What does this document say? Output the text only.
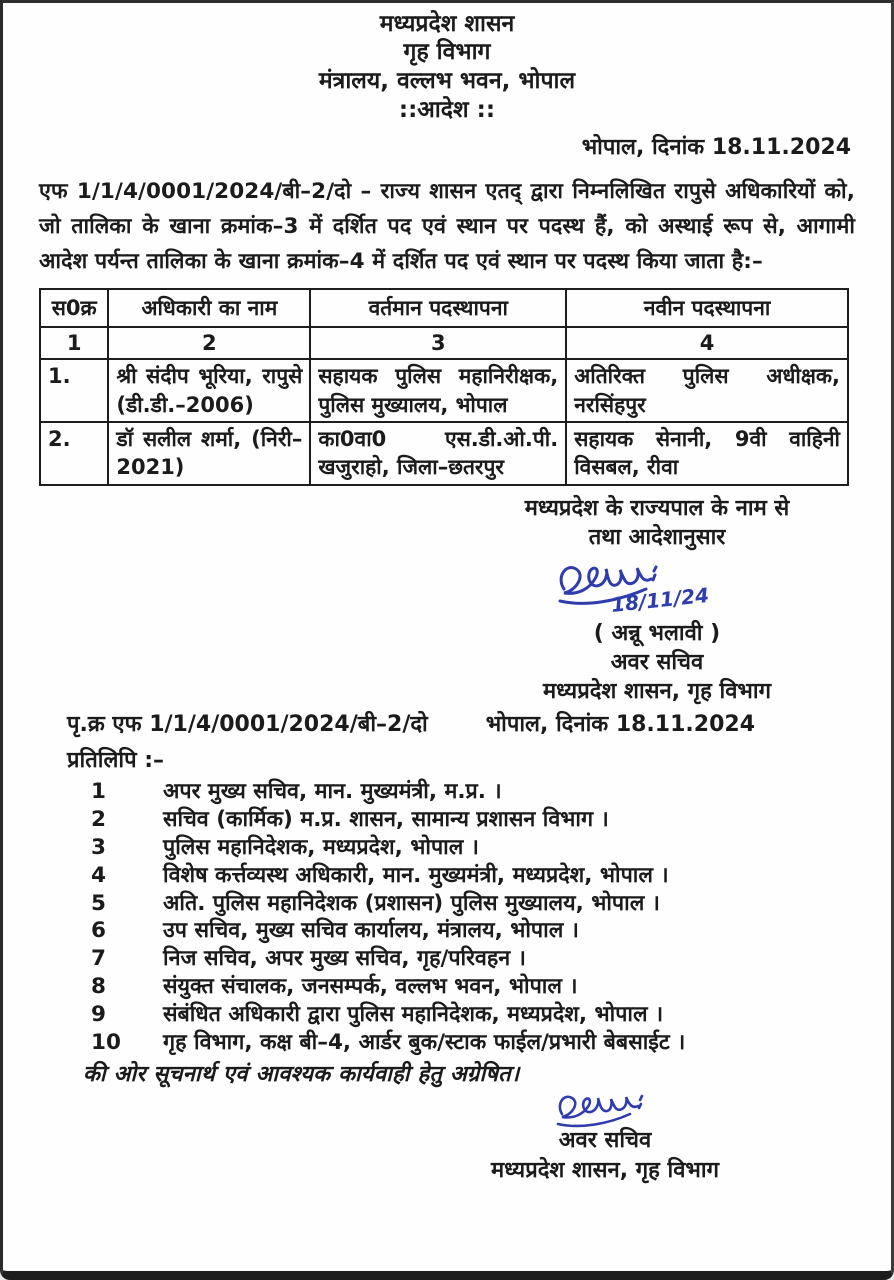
मध्यप्रदेश शासन
गृह विभाग
मंत्रालय, वल्लभ भवन, भोपाल
::आदेश ::
भोपाल, दिनांक 18.11.2024
एफ 1/1/4/0001/2024/बी–2/दो – राज्य शासन एतद् द्वारा निम्नलिखित रापुसे अधिकारियों को, जो तालिका के खाना क्रमांक–3 में दर्शित पद एवं स्थान पर पदस्थ हैं, को अस्थाई रूप से, आगामी आदेश पर्यन्त तालिका के खाना क्रमांक–4 में दर्शित पद एवं स्थान पर पदस्थ किया जाता है:–
स0क्र	अधिकारी का नाम	वर्तमान पदस्थापना	नवीन पदस्थापना
1	2	3	4
1.	श्री संदीप भूरिया, रापुसे (डी.डी.–2006)	सहायक पुलिस महानिरीक्षक, पुलिस मुख्यालय, भोपाल	अतिरिक्त पुलिस अधीक्षक, नरसिंहपुर
2.	डॉ सलील शर्मा, (निरी–2021)	का0वा0 एस.डी.ओ.पी. खजुराहो, जिला–छतरपुर	सहायक सेनानी, 9वी वाहिनी विसबल, रीवा
मध्यप्रदेश के राज्यपाल के नाम से
तथा आदेशानुसार
18/11/24
( अन्नू भलावी )
अवर सचिव
मध्यप्रदेश शासन, गृह विभाग
पृ.क्र एफ 1/1/4/0001/2024/बी–2/दो	भोपाल, दिनांक 18.11.2024
प्रतिलिपि :–
1	अपर मुख्य सचिव, मान. मुख्यमंत्री, म.प्र. ।
2	सचिव (कार्मिक) म.प्र. शासन, सामान्य प्रशासन विभाग ।
3	पुलिस महानिदेशक, मध्यप्रदेश, भोपाल ।
4	विशेष कर्त्तव्यस्थ अधिकारी, मान. मुख्यमंत्री, मध्यप्रदेश, भोपाल ।
5	अति. पुलिस महानिदेशक (प्रशासन) पुलिस मुख्यालय, भोपाल ।
6	उप सचिव, मुख्य सचिव कार्यालय, मंत्रालय, भोपाल ।
7	निज सचिव, अपर मुख्य सचिव, गृह/परिवहन ।
8	संयुक्त संचालक, जनसम्पर्क, वल्लभ भवन, भोपाल ।
9	संबंधित अधिकारी द्वारा पुलिस महानिदेशक, मध्यप्रदेश, भोपाल ।
10	गृह विभाग, कक्ष बी–4, आर्डर बुक/स्टाक फाईल/प्रभारी बेबसाईट ।
की ओर सूचनार्थ एवं आवश्यक कार्यवाही हेतु अग्रेषित।
अवर सचिव
मध्यप्रदेश शासन, गृह विभाग
